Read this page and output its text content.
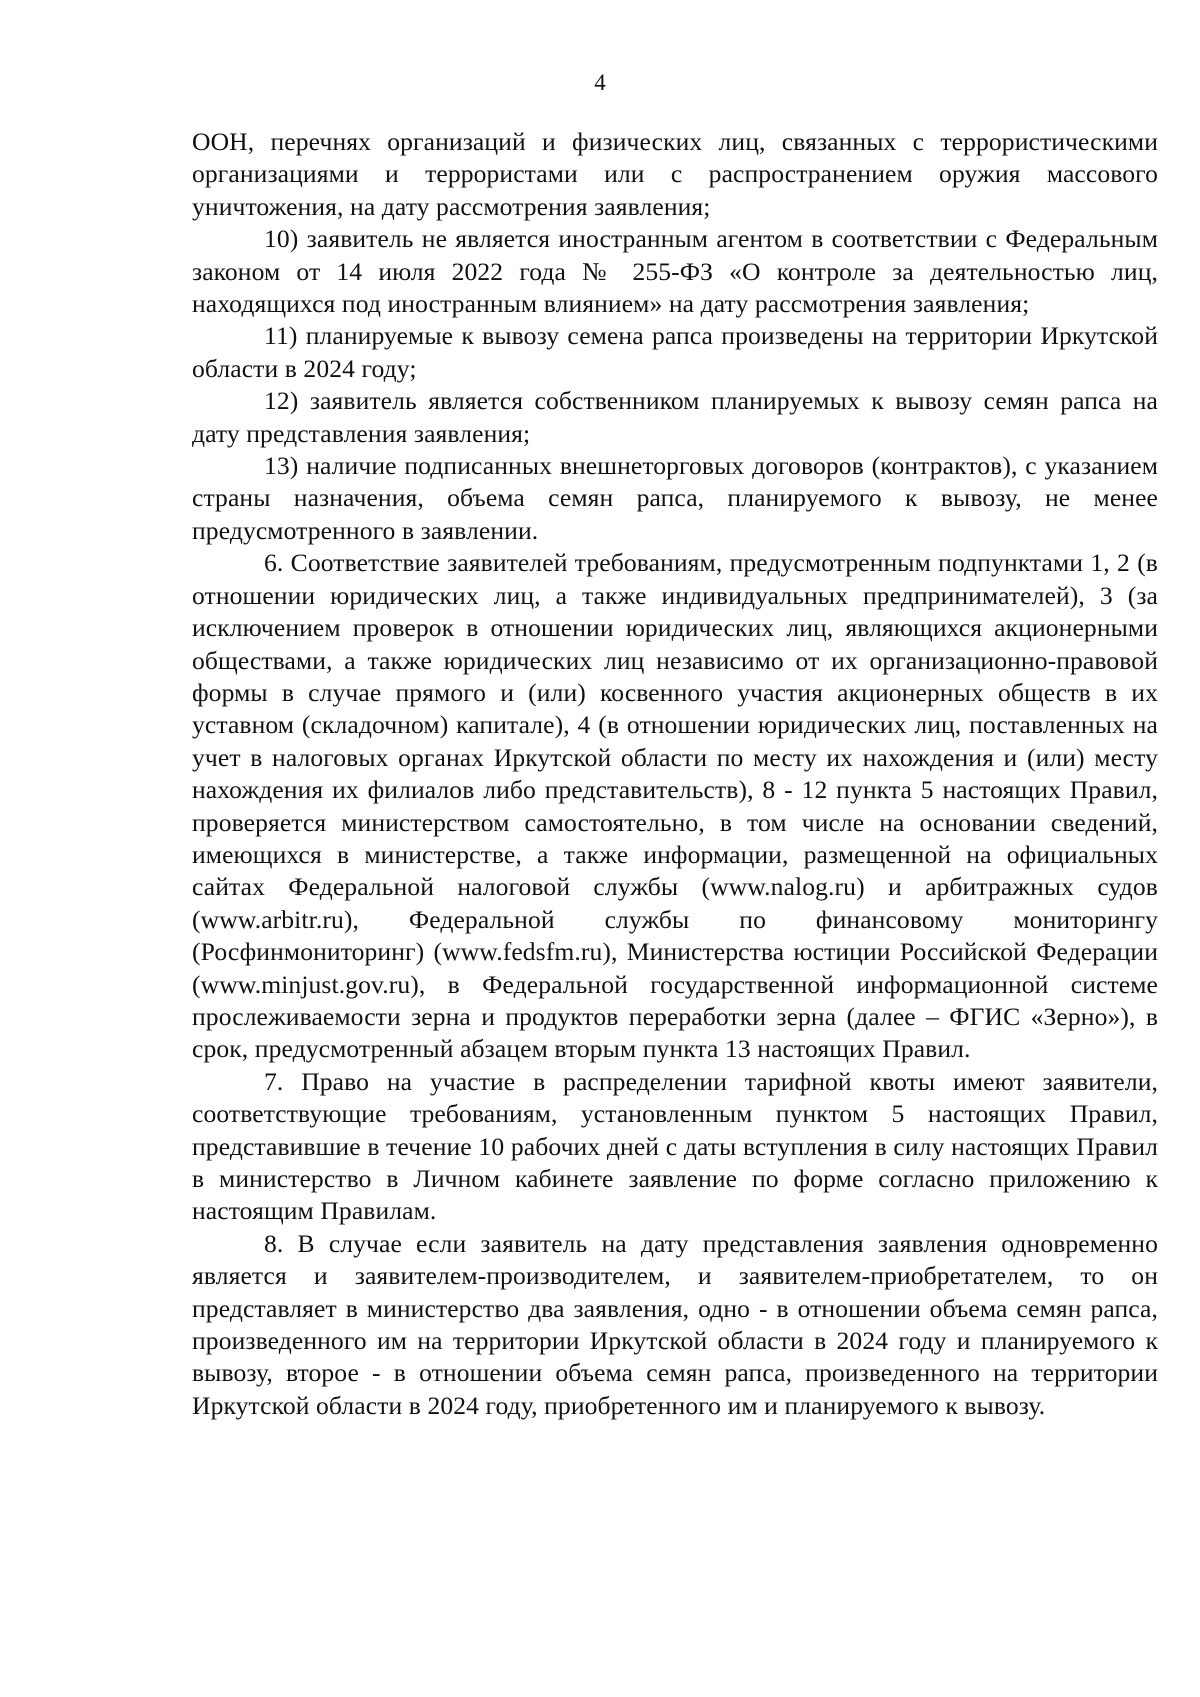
4

ООН, перечнях организаций и физических лиц, связанных с террористическими организациями и террористами или с распространением оружия массового уничтожения, на дату рассмотрения заявления;

10) заявитель не является иностранным агентом в соответствии с Федеральным законом от 14 июля 2022 года № 255-ФЗ «О контроле за деятельностью лиц, находящихся под иностранным влиянием» на дату рассмотрения заявления;

11) планируемые к вывозу семена рапса произведены на территории Иркутской области в 2024 году;

12) заявитель является собственником планируемых к вывозу семян рапса на дату представления заявления;

13) наличие подписанных внешнеторговых договоров (контрактов), с указанием страны назначения, объема семян рапса, планируемого к вывозу, не менее предусмотренного в заявлении.

6. Соответствие заявителей требованиям, предусмотренным подпунктами 1, 2 (в отношении юридических лиц, а также индивидуальных предпринимателей), 3 (за исключением проверок в отношении юридических лиц, являющихся акционерными обществами, а также юридических лиц независимо от их организационно-правовой формы в случае прямого и (или) косвенного участия акционерных обществ в их уставном (складочном) капитале), 4 (в отношении юридических лиц, поставленных на учет в налоговых органах Иркутской области по месту их нахождения и (или) месту нахождения их филиалов либо представительств), 8 - 12 пункта 5 настоящих Правил, проверяется министерством самостоятельно, в том числе на основании сведений, имеющихся в министерстве, а также информации, размещенной на официальных сайтах Федеральной налоговой службы (www.nalog.ru) и арбитражных судов (www.arbitr.ru), Федеральной службы по финансовому мониторингу (Росфинмониторинг) (www.fedsfm.ru), Министерства юстиции Российской Федерации (www.minjust.gov.ru), в Федеральной государственной информационной системе прослеживаемости зерна и продуктов переработки зерна (далее – ФГИС «Зерно»), в срок, предусмотренный абзацем вторым пункта 13 настоящих Правил.

7. Право на участие в распределении тарифной квоты имеют заявители, соответствующие требованиям, установленным пунктом 5 настоящих Правил, представившие в течение 10 рабочих дней с даты вступления в силу настоящих Правил в министерство в Личном кабинете заявление по форме согласно приложению к настоящим Правилам.

8. В случае если заявитель на дату представления заявления одновременно является и заявителем-производителем, и заявителем-приобретателем, то он представляет в министерство два заявления, одно - в отношении объема семян рапса, произведенного им на территории Иркутской области в 2024 году и планируемого к вывозу, второе - в отношении объема семян рапса, произведенного на территории Иркутской области в 2024 году, приобретенного им и планируемого к вывозу.
